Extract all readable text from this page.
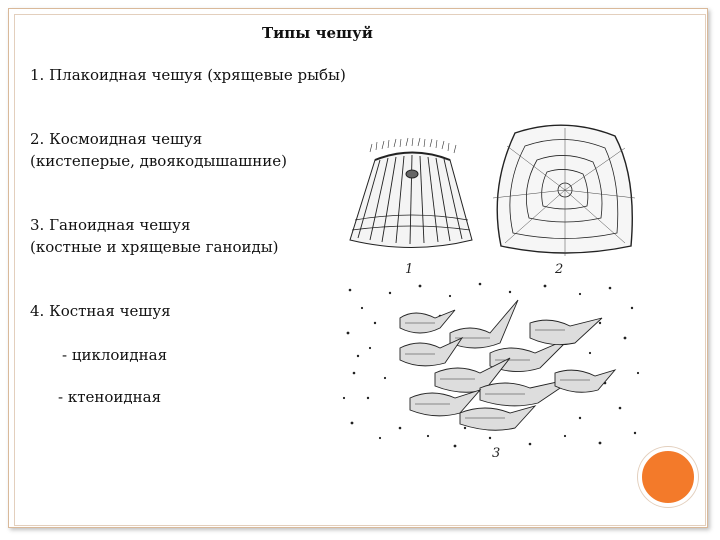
Типы чешуй
1. Плакоидная чешуя (хрящевые рыбы)
2. Космоидная чешуя
(кистеперые, двоякодышашние)
3. Ганоидная чешуя
(костные и хрящевые ганоиды)
4. Костная чешуя
- циклоидная
- ктеноидная
1	2
3
